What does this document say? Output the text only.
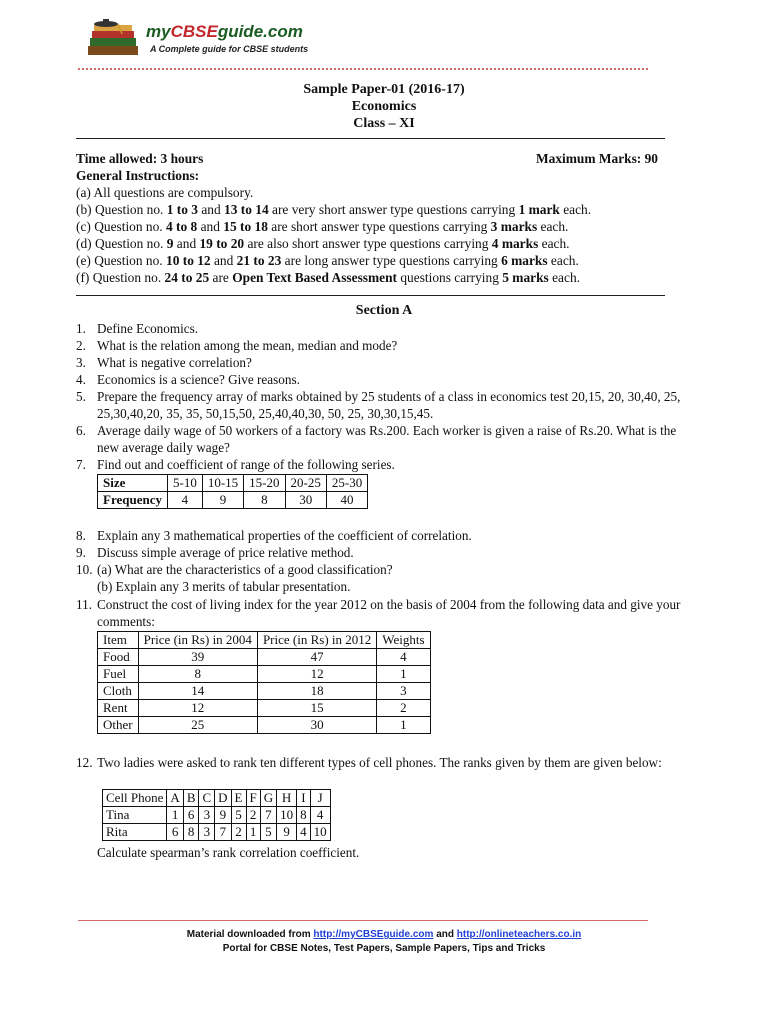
myCBSEguide.com
A Complete guide for CBSE students
Sample Paper-01 (2016-17)
Economics
Class – XI
Time allowed: 3 hours	Maximum Marks: 90
General Instructions:
(a) All questions are compulsory.
(b) Question no. 1 to 3 and 13 to 14 are very short answer type questions carrying 1 mark each.
(c) Question no. 4 to 8 and 15 to 18 are short answer type questions carrying 3 marks each.
(d) Question no. 9 and 19 to 20 are also short answer type questions carrying 4 marks each.
(e) Question no. 10 to 12 and 21 to 23 are long answer type questions carrying 6 marks each.
(f) Question no. 24 to 25 are Open Text Based Assessment questions carrying 5 marks each.
Section A
1. Define Economics.
2. What is the relation among the mean, median and mode?
3. What is negative correlation?
4. Economics is a science? Give reasons.
5. Prepare the frequency array of marks obtained by 25 students of a class in economics test 20,15, 20, 30,40, 25, 25,30,40,20, 35, 35, 50,15,50, 25,40,40,30, 50, 25, 30,30,15,45.
6. Average daily wage of 50 workers of a factory was Rs.200. Each worker is given a raise of Rs.20. What is the new average daily wage?
7. Find out and coefficient of range of the following series.
Size	5-10	10-15	15-20	20-25	25-30
Frequency	4	9	8	30	40
8. Explain any 3 mathematical properties of the coefficient of correlation.
9. Discuss simple average of price relative method.
10. (a) What are the characteristics of a good classification?
(b) Explain any 3 merits of tabular presentation.
11. Construct the cost of living index for the year 2012 on the basis of 2004 from the following data and give your comments:
Item	Price (in Rs) in 2004	Price (in Rs) in 2012	Weights
Food	39	47	4
Fuel	8	12	1
Cloth	14	18	3
Rent	12	15	2
Other	25	30	1
12. Two ladies were asked to rank ten different types of cell phones. The ranks given by them are given below:
Cell Phone	A	B	C	D	E	F	G	H	I	J
Tina	1	6	3	9	5	2	7	10	8	4
Rita	6	8	3	7	2	1	5	9	4	10
Calculate spearman’s rank correlation coefficient.
Material downloaded from http://myCBSEguide.com and http://onlineteachers.co.in
Portal for CBSE Notes, Test Papers, Sample Papers, Tips and Tricks
